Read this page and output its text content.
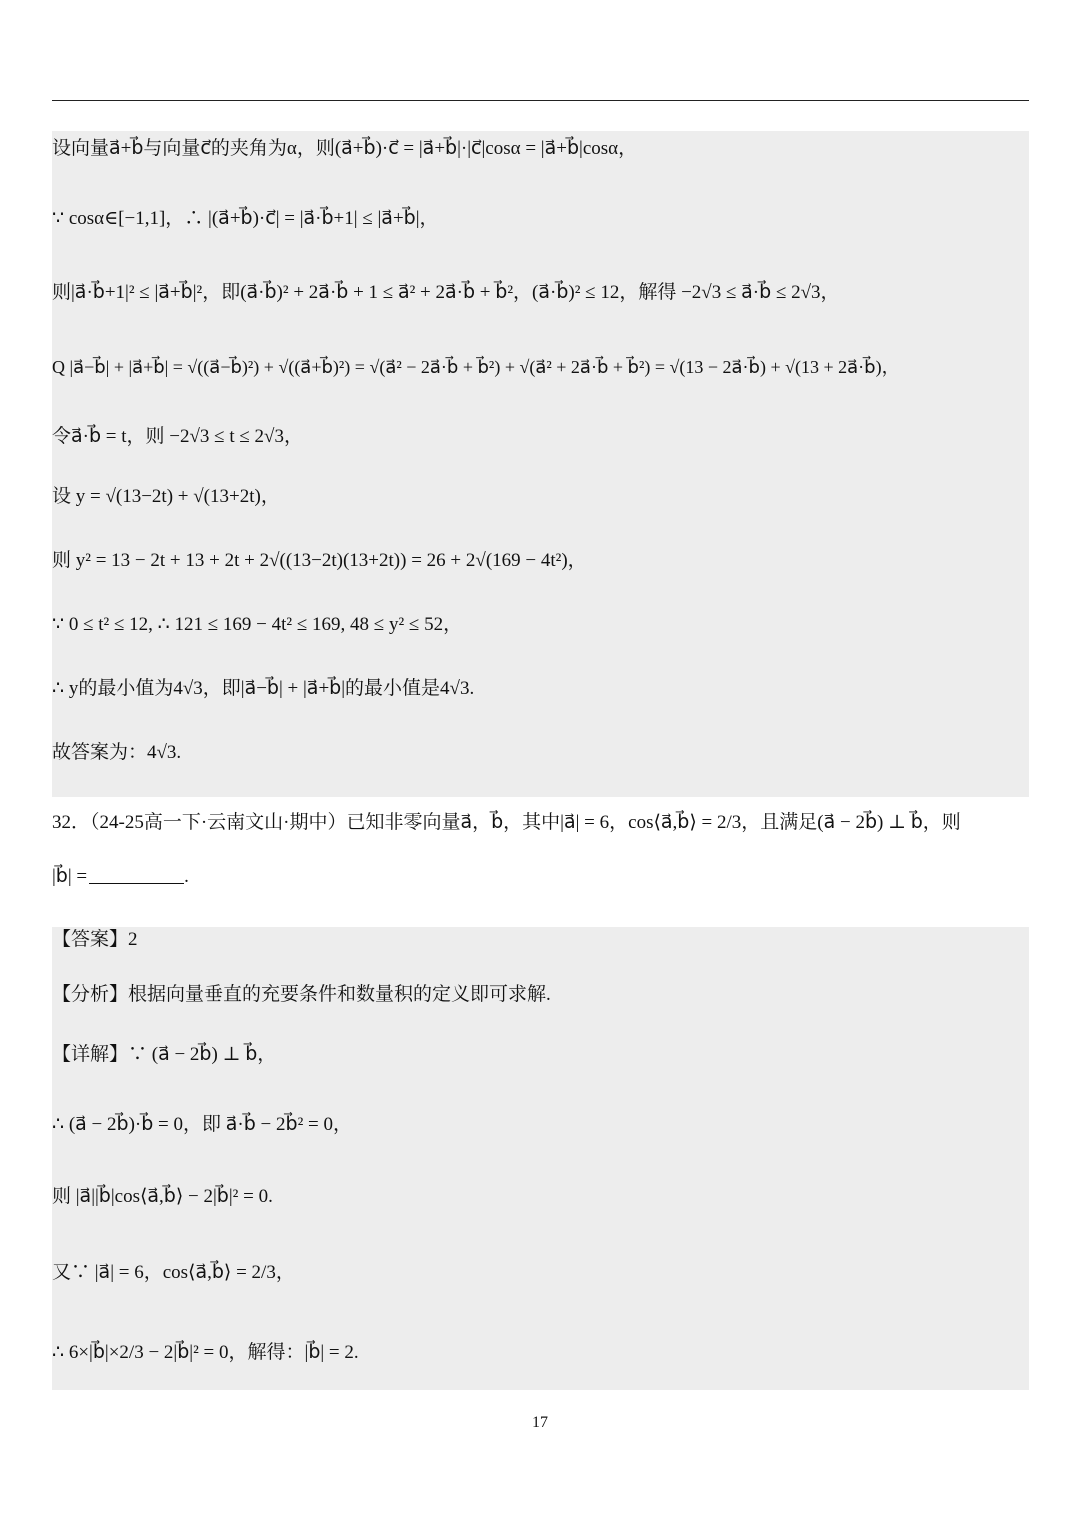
设向量a⃗+b⃗与向量c⃗的夹角为α，则(a⃗+b⃗)·c⃗ = |a⃗+b⃗|·|c⃗|cosα = |a⃗+b⃗|cosα，
∵ cosα∈[−1,1]，∴ |(a⃗+b⃗)·c⃗| = |a⃗·b⃗+1| ≤ |a⃗+b⃗|，
则|a⃗·b⃗+1|² ≤ |a⃗+b⃗|²，即(a⃗·b⃗)² + 2a⃗·b⃗ + 1 ≤ a⃗² + 2a⃗·b⃗ + b⃗²，(a⃗·b⃗)² ≤ 12，解得 −2√3 ≤ a⃗·b⃗ ≤ 2√3，
Q |a⃗−b⃗| + |a⃗+b⃗| = √((a⃗−b⃗)²) + √((a⃗+b⃗)²) = √(a⃗² − 2a⃗·b⃗ + b⃗²) + √(a⃗² + 2a⃗·b⃗ + b⃗²) = √(13 − 2a⃗·b⃗) + √(13 + 2a⃗·b⃗)，
令a⃗·b⃗ = t，则 −2√3 ≤ t ≤ 2√3，
设 y = √(13−2t) + √(13+2t)，
则 y² = 13 − 2t + 13 + 2t + 2√((13−2t)(13+2t)) = 26 + 2√(169 − 4t²)，
∵ 0 ≤ t² ≤ 12, ∴ 121 ≤ 169 − 4t² ≤ 169, 48 ≤ y² ≤ 52，
∴ y的最小值为4√3，即|a⃗−b⃗| + |a⃗+b⃗|的最小值是4√3.
故答案为：4√3.
32．（24-25高一下·云南文山·期中）已知非零向量a⃗，b⃗，其中|a⃗| = 6，cos⟨a⃗,b⃗⟩ = 2/3，且满足(a⃗ − 2b⃗) ⊥ b⃗，则
|b⃗| =	.
【答案】2
【分析】根据向量垂直的充要条件和数量积的定义即可求解.
【详解】∵ (a⃗ − 2b⃗) ⊥ b⃗，
∴ (a⃗ − 2b⃗)·b⃗ = 0，即 a⃗·b⃗ − 2b⃗² = 0，
则 |a⃗||b⃗|cos⟨a⃗,b⃗⟩ − 2|b⃗|² = 0.
又∵ |a⃗| = 6，cos⟨a⃗,b⃗⟩ = 2/3，
∴ 6×|b⃗|×2/3 − 2|b⃗|² = 0，解得：|b⃗| = 2.
17
